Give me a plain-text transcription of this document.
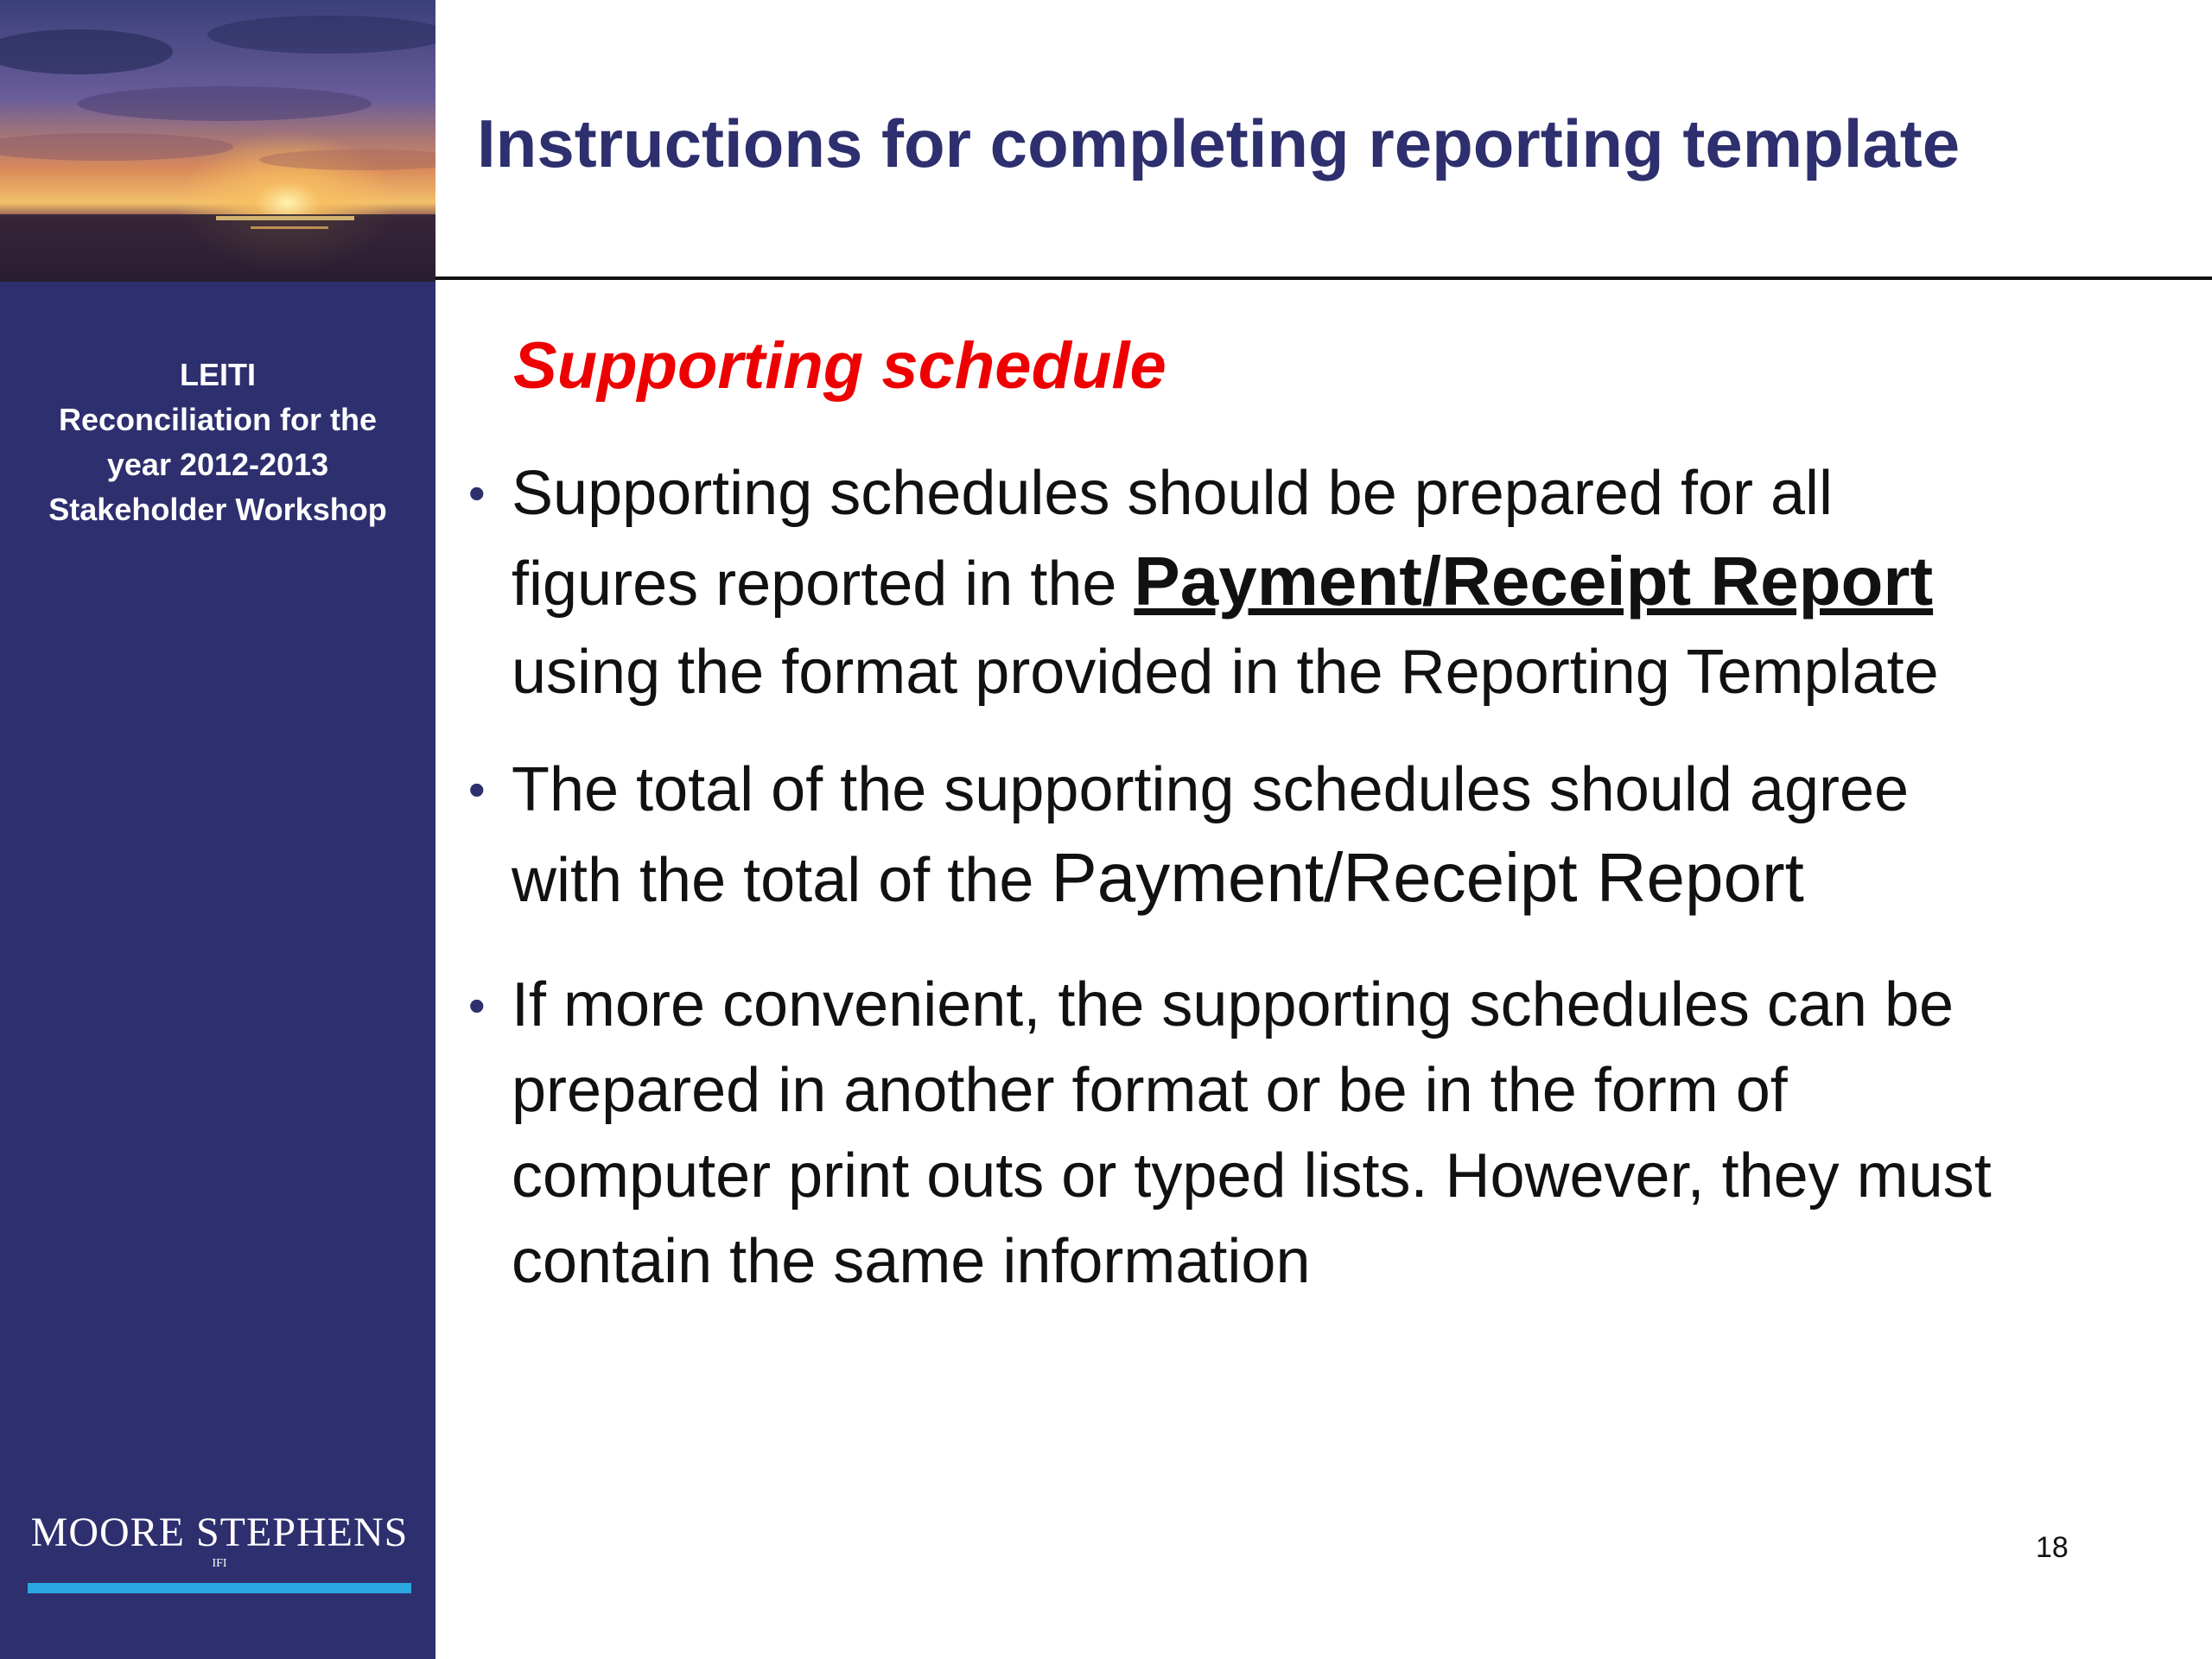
LEITI
Reconciliation for the
year 2012-2013
Stakeholder Workshop
MOORE STEPHENS
IFI
Instructions for completing reporting template
Supporting schedule
• Supporting schedules should be prepared for all
figures reported in the Payment/Receipt Report
using the format provided in the Reporting Template
• The total of the supporting schedules should agree
with the total of the Payment/Receipt Report
• If more convenient, the supporting schedules can be
prepared in another format or be in the form of
computer print outs or typed lists. However, they must
contain the same information
18
